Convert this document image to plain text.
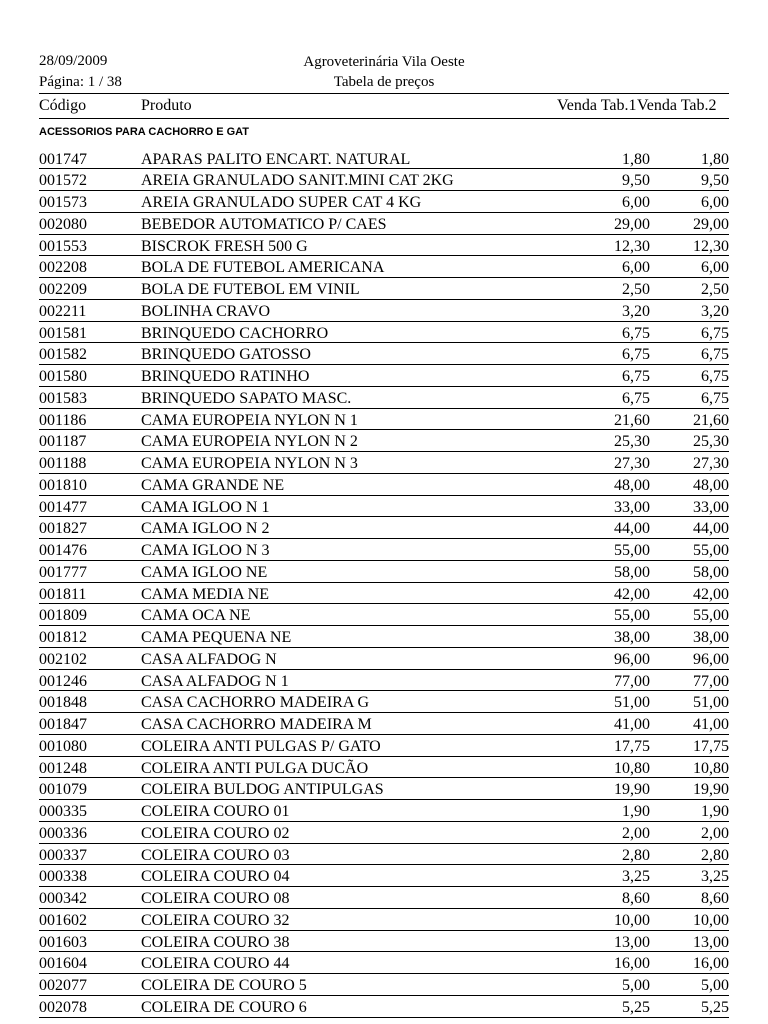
28/09/2009
Página: 1 / 38
Agroveterinária Vila Oeste
Tabela de preços
Código	Produto	Venda Tab.1 Venda Tab.2
ACESSORIOS PARA CACHORRO E GAT
001747	APARAS PALITO ENCART. NATURAL	1,80	1,80
001572	AREIA GRANULADO SANIT.MINI CAT 2KG	9,50	9,50
001573	AREIA GRANULADO SUPER CAT 4 KG	6,00	6,00
002080	BEBEDOR AUTOMATICO P/ CAES	29,00	29,00
001553	BISCROK FRESH 500 G	12,30	12,30
002208	BOLA DE FUTEBOL AMERICANA	6,00	6,00
002209	BOLA DE FUTEBOL EM VINIL	2,50	2,50
002211	BOLINHA CRAVO	3,20	3,20
001581	BRINQUEDO CACHORRO	6,75	6,75
001582	BRINQUEDO GATOSSO	6,75	6,75
001580	BRINQUEDO RATINHO	6,75	6,75
001583	BRINQUEDO SAPATO MASC.	6,75	6,75
001186	CAMA EUROPEIA NYLON N 1	21,60	21,60
001187	CAMA EUROPEIA NYLON N 2	25,30	25,30
001188	CAMA EUROPEIA NYLON N 3	27,30	27,30
001810	CAMA GRANDE NE	48,00	48,00
001477	CAMA IGLOO N 1	33,00	33,00
001827	CAMA IGLOO N 2	44,00	44,00
001476	CAMA IGLOO N 3	55,00	55,00
001777	CAMA IGLOO NE	58,00	58,00
001811	CAMA MEDIA NE	42,00	42,00
001809	CAMA OCA NE	55,00	55,00
001812	CAMA PEQUENA NE	38,00	38,00
002102	CASA ALFADOG N	96,00	96,00
001246	CASA ALFADOG N 1	77,00	77,00
001848	CASA CACHORRO MADEIRA G	51,00	51,00
001847	CASA CACHORRO MADEIRA M	41,00	41,00
001080	COLEIRA ANTI PULGAS P/ GATO	17,75	17,75
001248	COLEIRA ANTI PULGA DUCÃO	10,80	10,80
001079	COLEIRA BULDOG ANTIPULGAS	19,90	19,90
000335	COLEIRA COURO 01	1,90	1,90
000336	COLEIRA COURO 02	2,00	2,00
000337	COLEIRA COURO 03	2,80	2,80
000338	COLEIRA COURO 04	3,25	3,25
000342	COLEIRA COURO 08	8,60	8,60
001602	COLEIRA COURO 32	10,00	10,00
001603	COLEIRA COURO 38	13,00	13,00
001604	COLEIRA COURO 44	16,00	16,00
002077	COLEIRA DE COURO 5	5,00	5,00
002078	COLEIRA DE COURO 6	5,25	5,25
